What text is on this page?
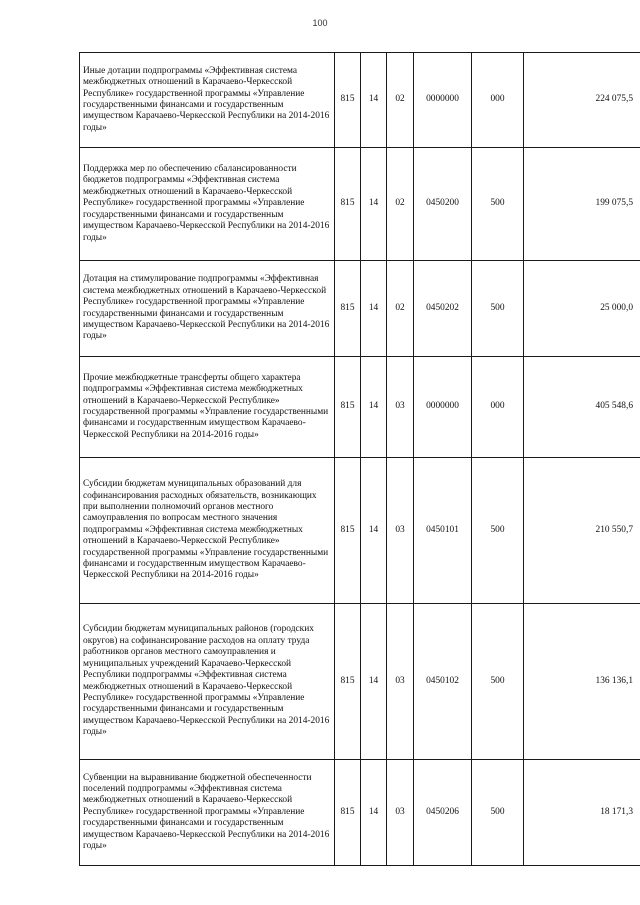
100
Иные дотации подпрограммы «Эффективная система межбюджетных отношений в Карачаево-Черкесской Республике» государственной программы «Управление государственными финансами и государственным имуществом Карачаево-Черкесской Республики на 2014-2016 годы»	815	14	02	0000000	000	224 075,5
Поддержка мер по обеспечению сбалансированности бюджетов подпрограммы «Эффективная система межбюджетных отношений в Карачаево-Черкесской Республике» государственной программы «Управление государственными финансами и государственным имуществом Карачаево-Черкесской Республики на 2014-2016 годы»	815	14	02	0450200	500	199 075,5
Дотация на стимулирование подпрограммы «Эффективная система межбюджетных отношений в Карачаево-Черкесской Республике» государственной программы «Управление государственными финансами и государственным имуществом Карачаево-Черкесской Республики на 2014-2016 годы»	815	14	02	0450202	500	25 000,0
Прочие межбюджетные трансферты общего характера подпрограммы «Эффективная система межбюджетных отношений в Карачаево-Черкесской Республике» государственной программы «Управление государственными финансами и государственным имуществом Карачаево-Черкесской Республики на 2014-2016 годы»	815	14	03	0000000	000	405 548,6
Субсидии бюджетам муниципальных образований для софинансирования расходных обязательств, возникающих при выполнении полномочий органов местного самоуправления по вопросам местного значения подпрограммы «Эффективная система межбюджетных отношений в Карачаево-Черкесской Республике» государственной программы «Управление государственными финансами и государственным имуществом Карачаево-Черкесской Республики на 2014-2016 годы»	815	14	03	0450101	500	210 550,7
Субсидии бюджетам муниципальных районов (городских округов) на софинансирование расходов на оплату труда работников органов местного самоуправления и муниципальных учреждений Карачаево-Черкесской Республики подпрограммы «Эффективная система межбюджетных отношений в Карачаево-Черкесской Республике» государственной программы «Управление государственными финансами и государственным имуществом Карачаево-Черкесской Республики на 2014-2016 годы»	815	14	03	0450102	500	136 136,1
Субвенции на выравнивание бюджетной обеспеченности поселений подпрограммы «Эффективная система межбюджетных отношений в Карачаево-Черкесской Республике» государственной программы «Управление государственными финансами и государственным имуществом Карачаево-Черкесской Республики на 2014-2016 годы»	815	14	03	0450206	500	18 171,3
